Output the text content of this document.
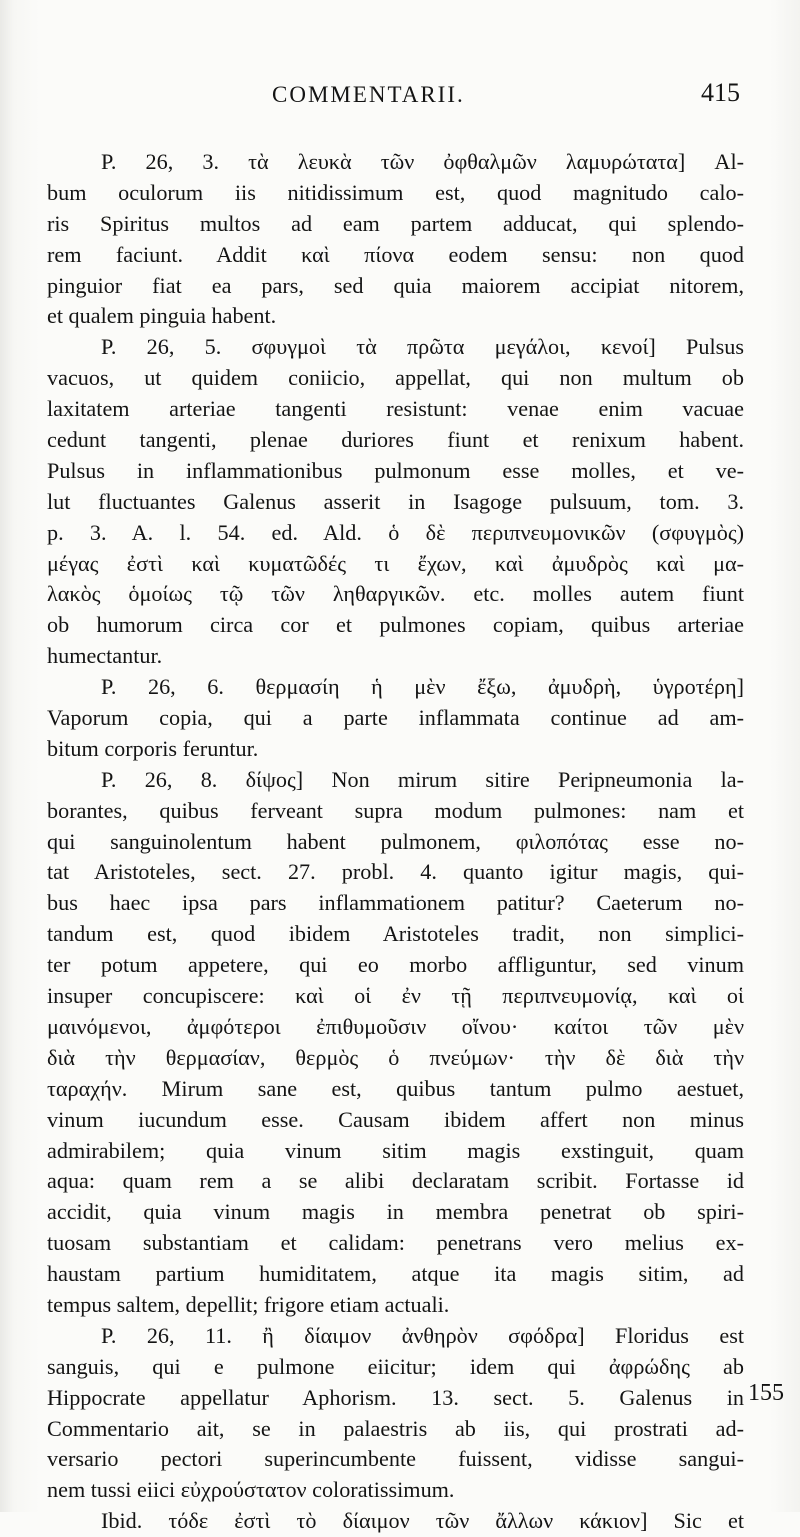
COMMENTARII.	415
P. 26, 3. τὰ λευκὰ τῶν ὀφθαλμῶν λαμυρώτατα] Al-
bum oculorum iis nitidissimum est, quod magnitudo calo-
ris Spiritus multos ad eam partem adducat, qui splendo-
rem faciunt. Addit καὶ πίονα eodem sensu: non quod
pinguior fiat ea pars, sed quia maiorem accipiat nitorem,
et qualem pinguia habent.
P. 26, 5. σφυγμοὶ τὰ πρῶτα μεγάλοι, κενοί] Pulsus
vacuos, ut quidem coniicio, appellat, qui non multum ob
laxitatem arteriae tangenti resistunt: venae enim vacuae
cedunt tangenti, plenae duriores fiunt et renixum habent.
Pulsus in inflammationibus pulmonum esse molles, et ve-
lut fluctuantes Galenus asserit in Isagoge pulsuum, tom. 3.
p. 3. A. l. 54. ed. Ald. ὁ δὲ περιπνευμονικῶν (σφυγμὸς)
μέγας ἐστὶ καὶ κυματῶδές τι ἔχων, καὶ ἀμυδρὸς καὶ μα-
λακὸς ὁμοίως τῷ τῶν ληθαργικῶν. etc. molles autem fiunt
ob humorum circa cor et pulmones copiam, quibus arteriae
humectantur.
P. 26, 6. θερμασίη ἡ μὲν ἔξω, ἀμυδρὴ, ὑγροτέρη]
Vaporum copia, qui a parte inflammata continue ad am-
bitum corporis feruntur.
P. 26, 8. δίψος] Non mirum sitire Peripneumonia la-
borantes, quibus ferveant supra modum pulmones: nam et
qui sanguinolentum habent pulmonem, φιλοπότας esse no-
tat Aristoteles, sect. 27. probl. 4. quanto igitur magis, qui-
bus haec ipsa pars inflammationem patitur? Caeterum no-
tandum est, quod ibidem Aristoteles tradit, non simplici-
ter potum appetere, qui eo morbo affliguntur, sed vinum
insuper concupiscere: καὶ οἱ ἐν τῇ περιπνευμονίᾳ, καὶ οἱ
μαινόμενοι, ἀμφότεροι ἐπιθυμοῦσιν οἴνου· καίτοι τῶν μὲν
διὰ τὴν θερμασίαν, θερμὸς ὁ πνεύμων· τὴν δὲ διὰ τὴν
ταραχήν. Mirum sane est, quibus tantum pulmo aestuet,
vinum iucundum esse. Causam ibidem affert non minus
admirabilem; quia vinum sitim magis exstinguit, quam
aqua: quam rem a se alibi declaratam scribit. Fortasse id
accidit, quia vinum magis in membra penetrat ob spiri-
tuosam substantiam et calidam: penetrans vero melius ex-
haustam partium humiditatem, atque ita magis sitim, ad
tempus saltem, depellit; frigore etiam actuali.
P. 26, 11. ἢ δίαιμον ἀνθηρὸν σφόδρα] Floridus est
sanguis, qui e pulmone eiicitur; idem qui ἀφρώδης ab
Hippocrate appellatur Aphorism. 13. sect. 5. Galenus in
Commentario ait, se in palaestris ab iis, qui prostrati ad-
versario pectori superincumbente fuissent, vidisse sangui-
nem tussi eiici εὐχρούστατον coloratissimum.
Ibid. τόδε ἐστὶ τὸ δίαιμον τῶν ἄλλων κάκιον] Sic et
155
